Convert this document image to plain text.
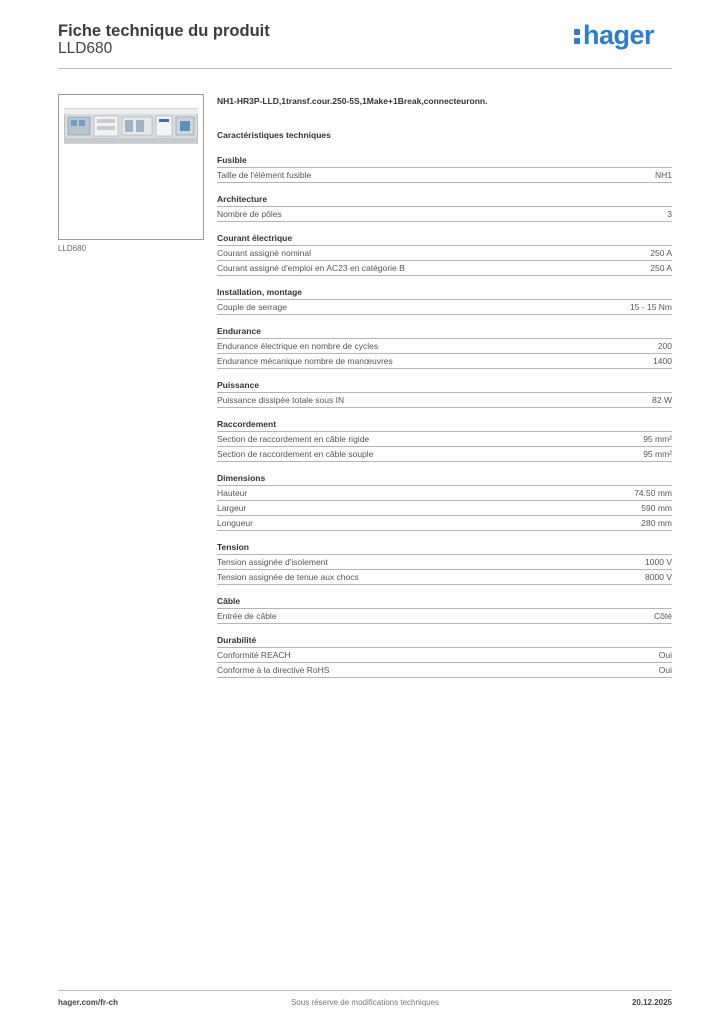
Fiche technique du produit
LLD680	hager
LLD680
NH1-HR3P-LLD,1transf.cour.250-5S,1Make+1Break,connecteuronn.
Caractéristiques techniques
Fusible
Taille de l'élément fusible	NH1
Architecture
Nombre de pôles	3
Courant électrique
Courant assigné nominal	250 A
Courant assigné d'emploi en AC23 en catégorie B	250 A
Installation, montage
Couple de serrage	15 - 15 Nm
Endurance
Endurance électrique en nombre de cycles	200
Endurance mécanique nombre de manœuvres	1400
Puissance
Puissance dissipée totale sous IN	82 W
Raccordement
Section de raccordement en câble rigide	95 mm²
Section de raccordement en câble souple	95 mm²
Dimensions
Hauteur	74.50 mm
Largeur	590 mm
Longueur	280 mm
Tension
Tension assignée d'isolement	1000 V
Tension assignée de tenue aux chocs	8000 V
Câble
Entrée de câble	Côté
Durabilité
Conformité REACH	Oui
Conforme à la directive RoHS	Oui
hager.com/fr-ch	Sous réserve de modifications techniques	20.12.2025
